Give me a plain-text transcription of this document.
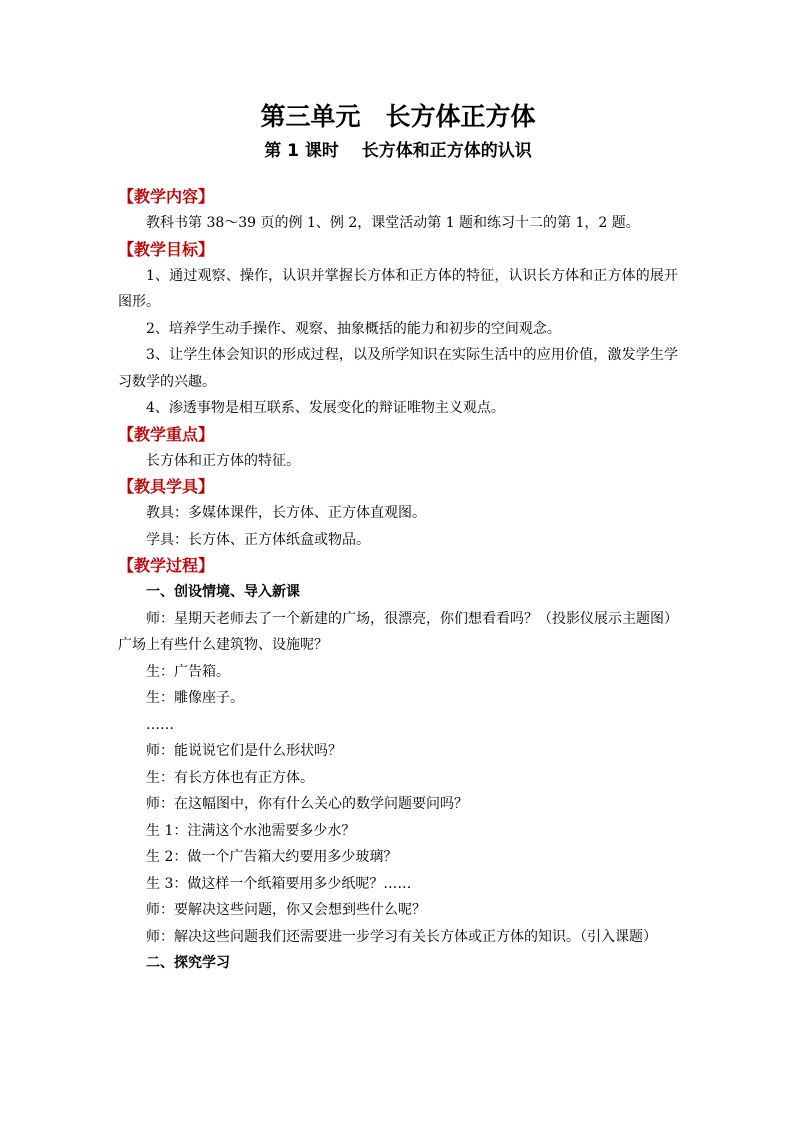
第三单元　长方体正方体
第 1 课时　 长方体和正方体的认识
【教学内容】

教科书第 38～39 页的例 1、例 2，课堂活动第 1 题和练习十二的第 1，2 题。

【教学目标】

1、通过观察、操作，认识并掌握长方体和正方体的特征，认识长方体和正方体的展开图形。

2、培养学生动手操作、观察、抽象概括的能力和初步的空间观念。

3、让学生体会知识的形成过程，以及所学知识在实际生活中的应用价值，激发学生学习数学的兴趣。

4、渗透事物是相互联系、发展变化的辩证唯物主义观点。

【教学重点】

长方体和正方体的特征。

【教具学具】

教具：多媒体课件，长方体、正方体直观图。

学具：长方体、正方体纸盒或物品。

【教学过程】

一、创设情境、导入新课

师：星期天老师去了一个新建的广场，很漂亮，你们想看看吗？（投影仪展示主题图）广场上有些什么建筑物、设施呢？

生：广告箱。

生：雕像座子。

……

师：能说说它们是什么形状吗？

生：有长方体也有正方体。

师：在这幅图中，你有什么关心的数学问题要问吗？

生 1：注满这个水池需要多少水？

生 2：做一个广告箱大约要用多少玻璃？

生 3：做这样一个纸箱要用多少纸呢？……

师：要解决这些问题，你又会想到些什么呢？

师：解决这些问题我们还需要进一步学习有关长方体或正方体的知识。（引入课题）

二、探究学习
